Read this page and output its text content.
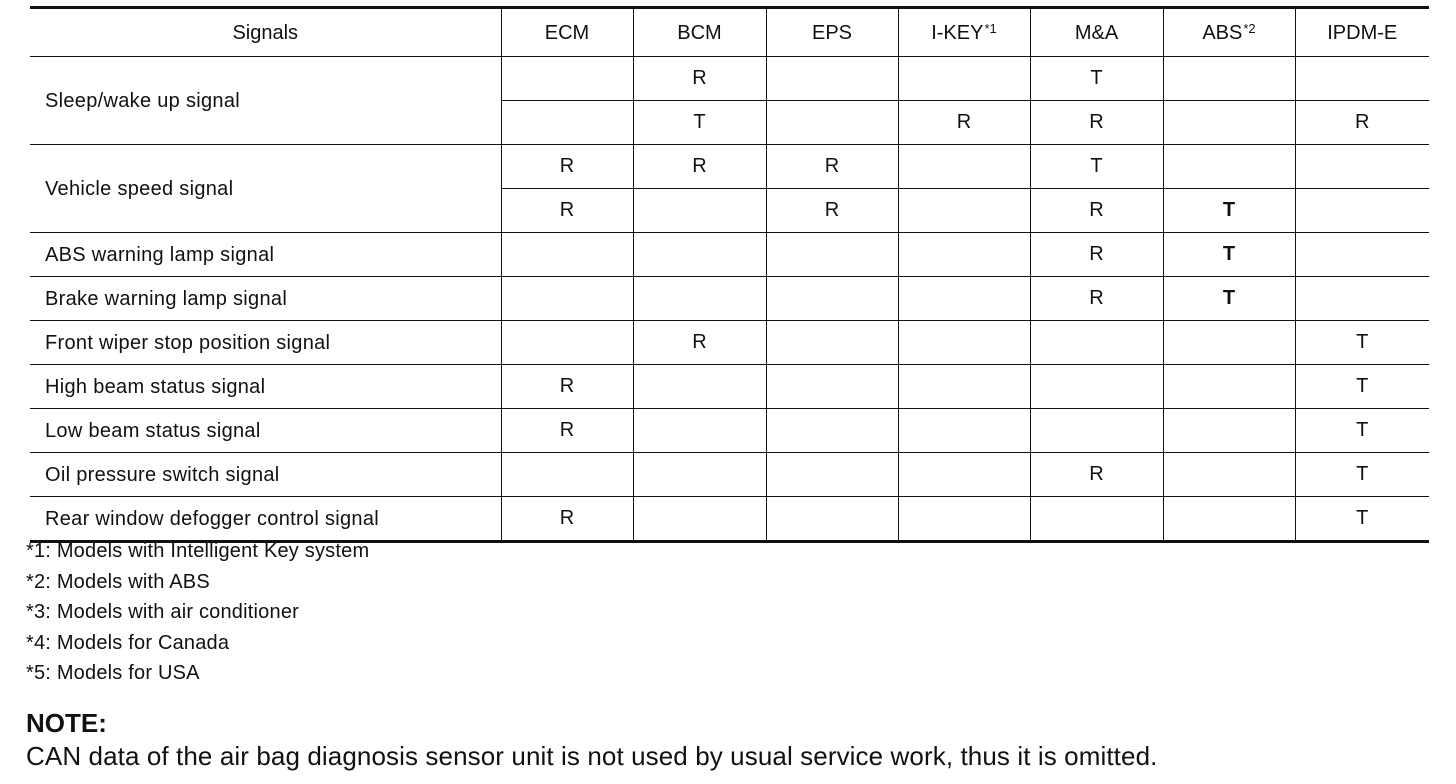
Signals	ECM	BCM	EPS	I-KEY$^{*1}$	M&A	ABS$^{*2}$	IPDM-E
Sleep/wake up signal		R			T		
		T		R	R		R
Vehicle speed signal	R	R	R		T		
	R		R		R	T	
ABS warning lamp signal					R	T	
Brake warning lamp signal					R	T	
Front wiper stop position signal		R					T
High beam status signal	R						T
Low beam status signal	R						T
Oil pressure switch signal					R		T
Rear window defogger control signal	R						T
*1: Models with Intelligent Key system
*2: Models with ABS
*3: Models with air conditioner
*4: Models for Canada
*5: Models for USA
NOTE:
CAN data of the air bag diagnosis sensor unit is not used by usual service work, thus it is omitted.
